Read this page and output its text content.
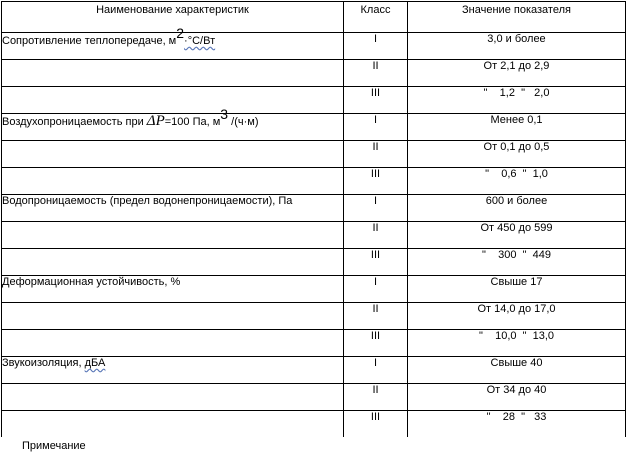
Наименование характеристик	Класс	Значение показателя
Сопротивление теплопередаче, м2·°С/Вт	I	3,0 и более
	II	От 2,1 до 2,9
	III	"    1,2  "   2,0
Воздухопроницаемость при ΔP=100 Па, м3 /(ч·м)	I	Менее 0,1
	II	От 0,1 до 0,5
	III	"    0,6  "  1,0
Водопроницаемость (предел водонепроницаемости), Па	I	600 и более
	II	От 450 до 599
	III	"    300  "  449
Деформационная устойчивость, %	I	Свыше 17
	II	От 14,0 до 17,0
	III	"    10,0  "  13,0
Звукоизоляция, дБА	I	Свыше 40
	II	От 34 до 40
	III	"    28  "   33
Примечание
